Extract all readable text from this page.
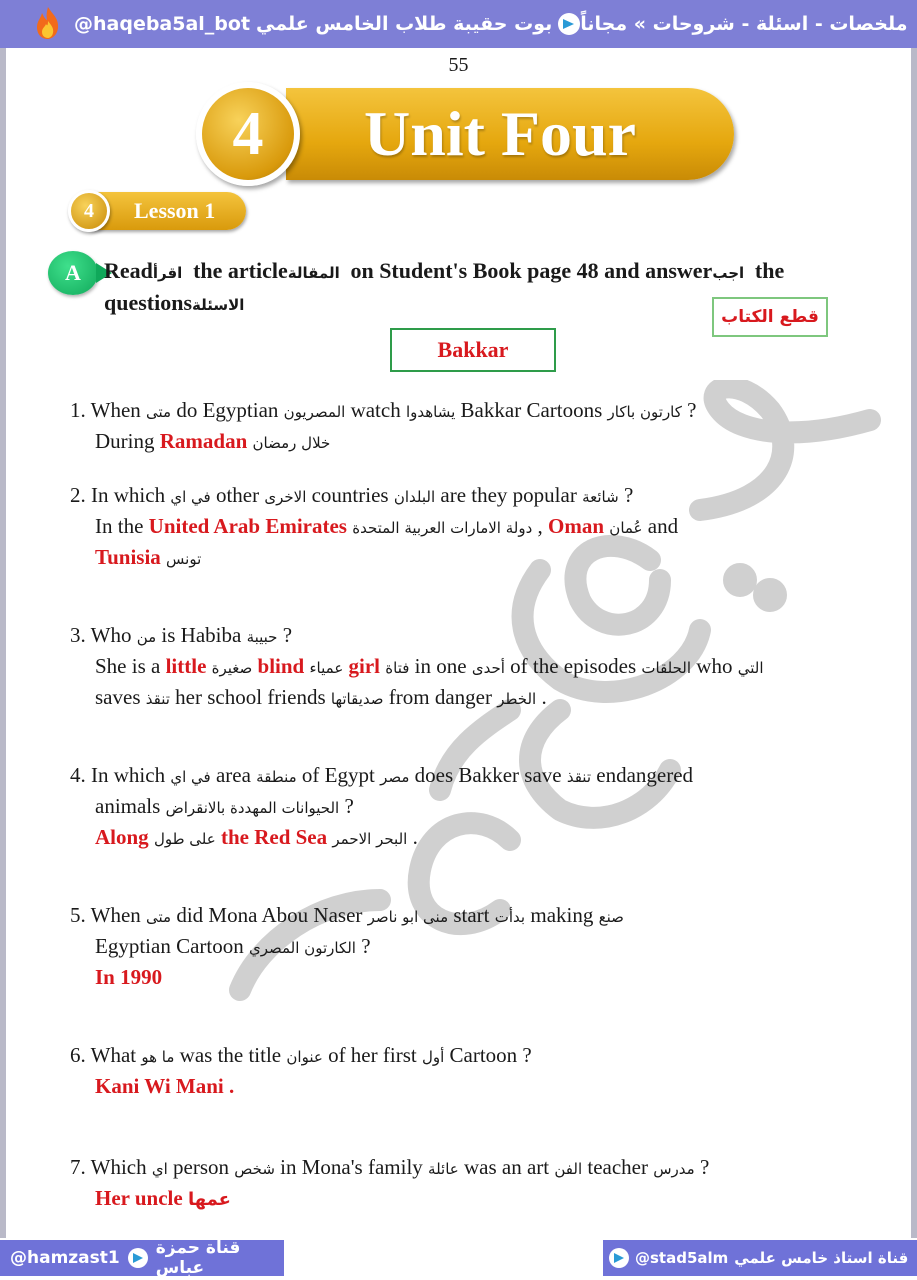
@haqeba5al_bot بوت حقيبة طلاب الخامس علمي ملخصات - اسئلة - شروحات » مجاناً
55
4	Unit Four
4	Lesson 1
A	Read اقرأ the article المقالة on Student's Book page 48 and answer اجب the questions الاسئلة
قطع الكتاب
Bakkar
1. When متى do Egyptian المصريون watch يشاهدوا Bakkar Cartoons كارتون باكار ?
During Ramadan خلال رمضان
2. In which في اي other الاخرى countries البلدان are they popular شائعة ?
In the United Arab Emirates دولة الامارات العربية المتحدة , Oman عُمان and
Tunisia تونس
3. Who من is Habiba حبيبة ?
She is a little صغيرة blind عمياء girl فتاة in one أحدى of the episodes الحلقات who التي
saves تنقذ her school friends صديقاتها from danger الخطر .
4. In which في اي area منطقة of Egypt مصر does Bakker save تنقذ endangered
animals الحيوانات المهددة بالانقراض ?
Along على طول the Red Sea البحر الاحمر .
5. When متى did Mona Abou Naser منى ابو ناصر start بدأت making صنع
Egyptian Cartoon الكارتون المصري ?
In 1990
6. What ما هو was the title عنوان of her first أول Cartoon ?
Kani Wi Mani .
7. Which اي person شخص in Mona's family عائلة was an art الفن teacher مدرس ?
Her uncle عمها
@hamzast1 قناة حمزة عباس	@stad5alm قناة استاذ خامس علمي
